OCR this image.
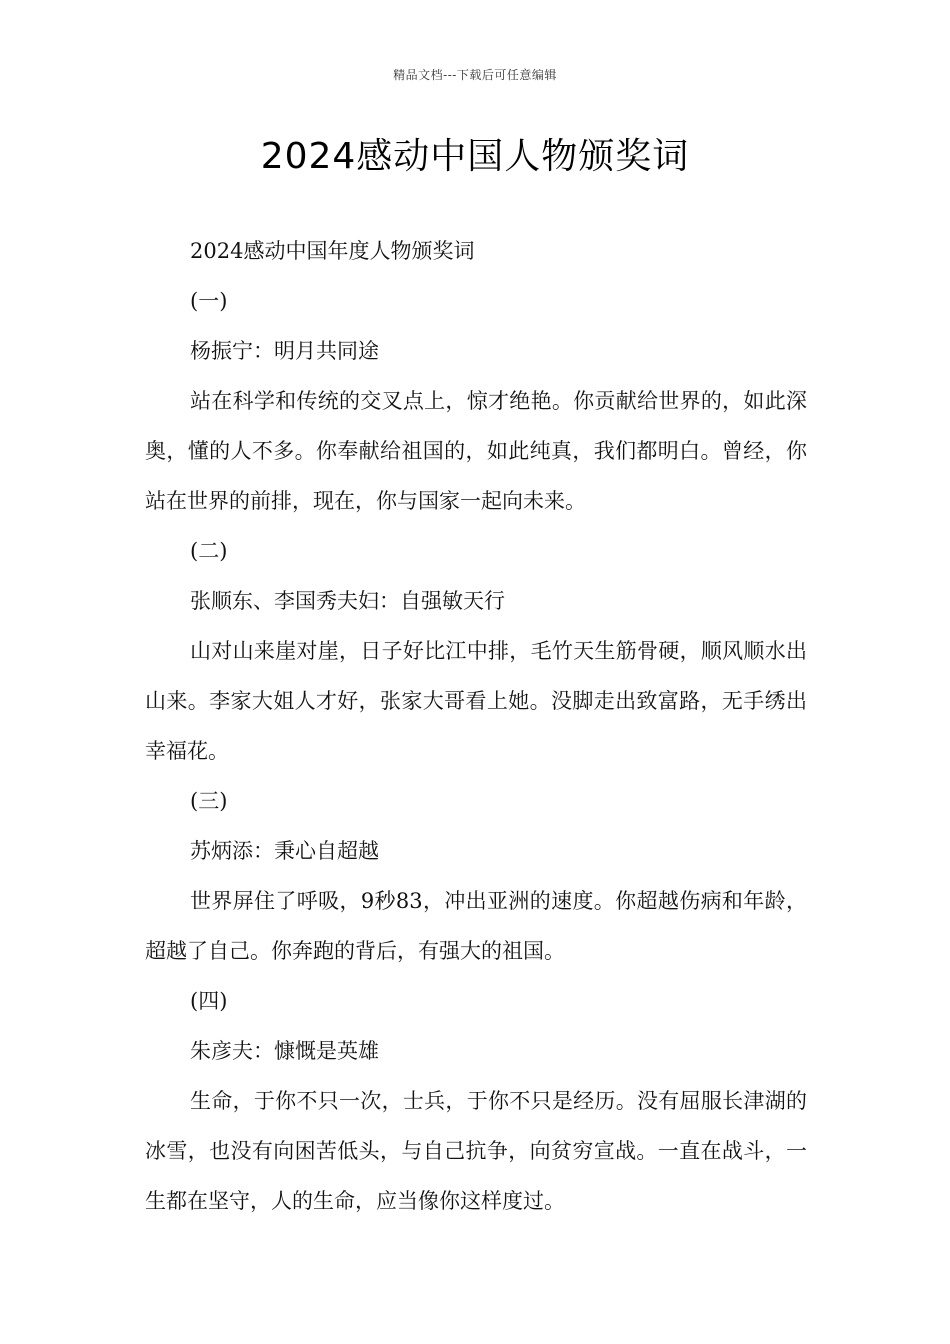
精品文档---下载后可任意编辑
2024感动中国人物颁奖词

2024感动中国年度人物颁奖词

(一)

杨振宁：明月共同途

站在科学和传统的交叉点上，惊才绝艳。你贡献给世界的，如此深奥，懂的人不多。你奉献给祖国的，如此纯真，我们都明白。曾经，你站在世界的前排，现在，你与国家一起向未来。

(二)

张顺东、李国秀夫妇：自强敏天行

山对山来崖对崖，日子好比江中排，毛竹天生筋骨硬，顺风顺水出山来。李家大姐人才好，张家大哥看上她。没脚走出致富路，无手绣出幸福花。

(三)

苏炳添：秉心自超越

世界屏住了呼吸，9秒83，冲出亚洲的速度。你超越伤病和年龄，超越了自己。你奔跑的背后，有强大的祖国。

(四)

朱彦夫：慷慨是英雄

生命，于你不只一次，士兵，于你不只是经历。没有屈服长津湖的冰雪，也没有向困苦低头，与自己抗争，向贫穷宣战。一直在战斗，一生都在坚守，人的生命，应当像你这样度过。
